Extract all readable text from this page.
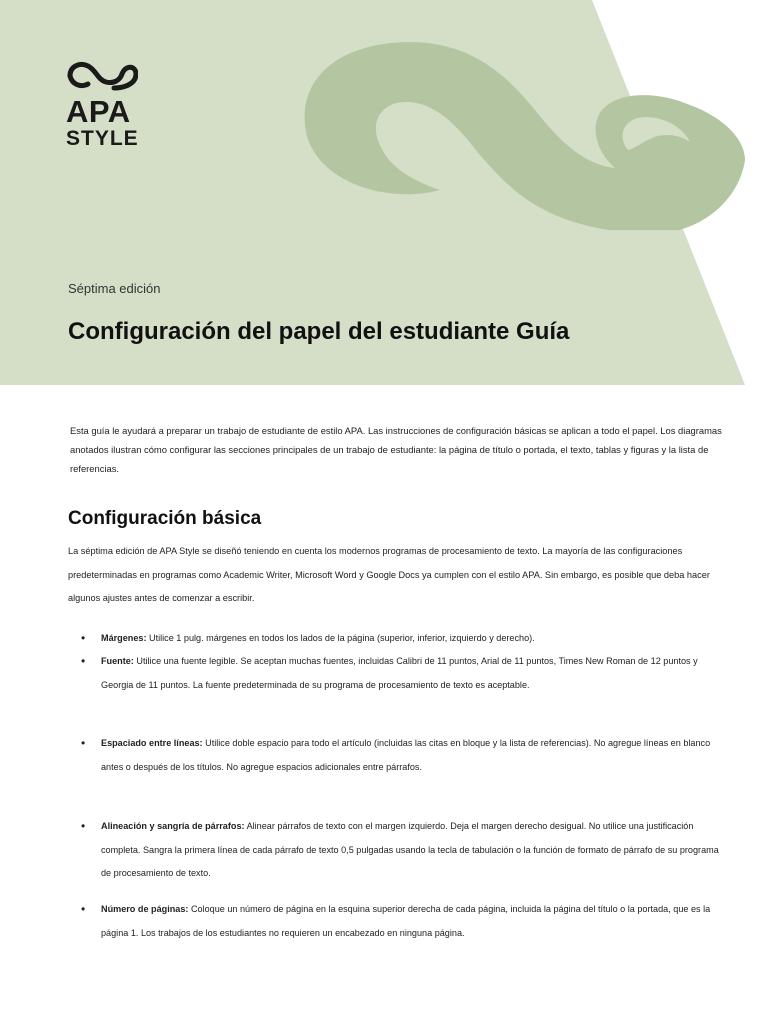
APA
STYLE
Séptima edición
Configuración del papel del estudiante Guía

Esta guía le ayudará a preparar un trabajo de estudiante de estilo APA. Las instrucciones de configuración básicas se aplican a todo el papel. Los diagramas anotados ilustran cómo configurar las secciones principales de un trabajo de estudiante: la página de título o portada, el texto, tablas y figuras y la lista de referencias.

Configuración básica

La séptima edición de APA Style se diseñó teniendo en cuenta los modernos programas de procesamiento de texto. La mayoría de las configuraciones predeterminadas en programas como Academic Writer, Microsoft Word y Google Docs ya cumplen con el estilo APA. Sin embargo, es posible que deba hacer algunos ajustes antes de comenzar a escribir.

• Márgenes: Utilice 1 pulg. márgenes en todos los lados de la página (superior, inferior, izquierdo y derecho).
• Fuente: Utilice una fuente legible. Se aceptan muchas fuentes, incluidas Calibri de 11 puntos, Arial de 11 puntos, Times New Roman de 12 puntos y Georgia de 11 puntos. La fuente predeterminada de su programa de procesamiento de texto es aceptable.
• Espaciado entre líneas: Utilice doble espacio para todo el artículo (incluidas las citas en bloque y la lista de referencias). No agregue líneas en blanco antes o después de los títulos. No agregue espacios adicionales entre párrafos.
• Alineación y sangría de párrafos: Alinear párrafos de texto con el margen izquierdo. Deja el margen derecho desigual. No utilice una justificación completa. Sangra la primera línea de cada párrafo de texto 0,5 pulgadas usando la tecla de tabulación o la función de formato de párrafo de su programa de procesamiento de texto.
• Número de páginas: Coloque un número de página en la esquina superior derecha de cada página, incluida la página del título o la portada, que es la página 1. Los trabajos de los estudiantes no requieren un encabezado en ninguna página.
